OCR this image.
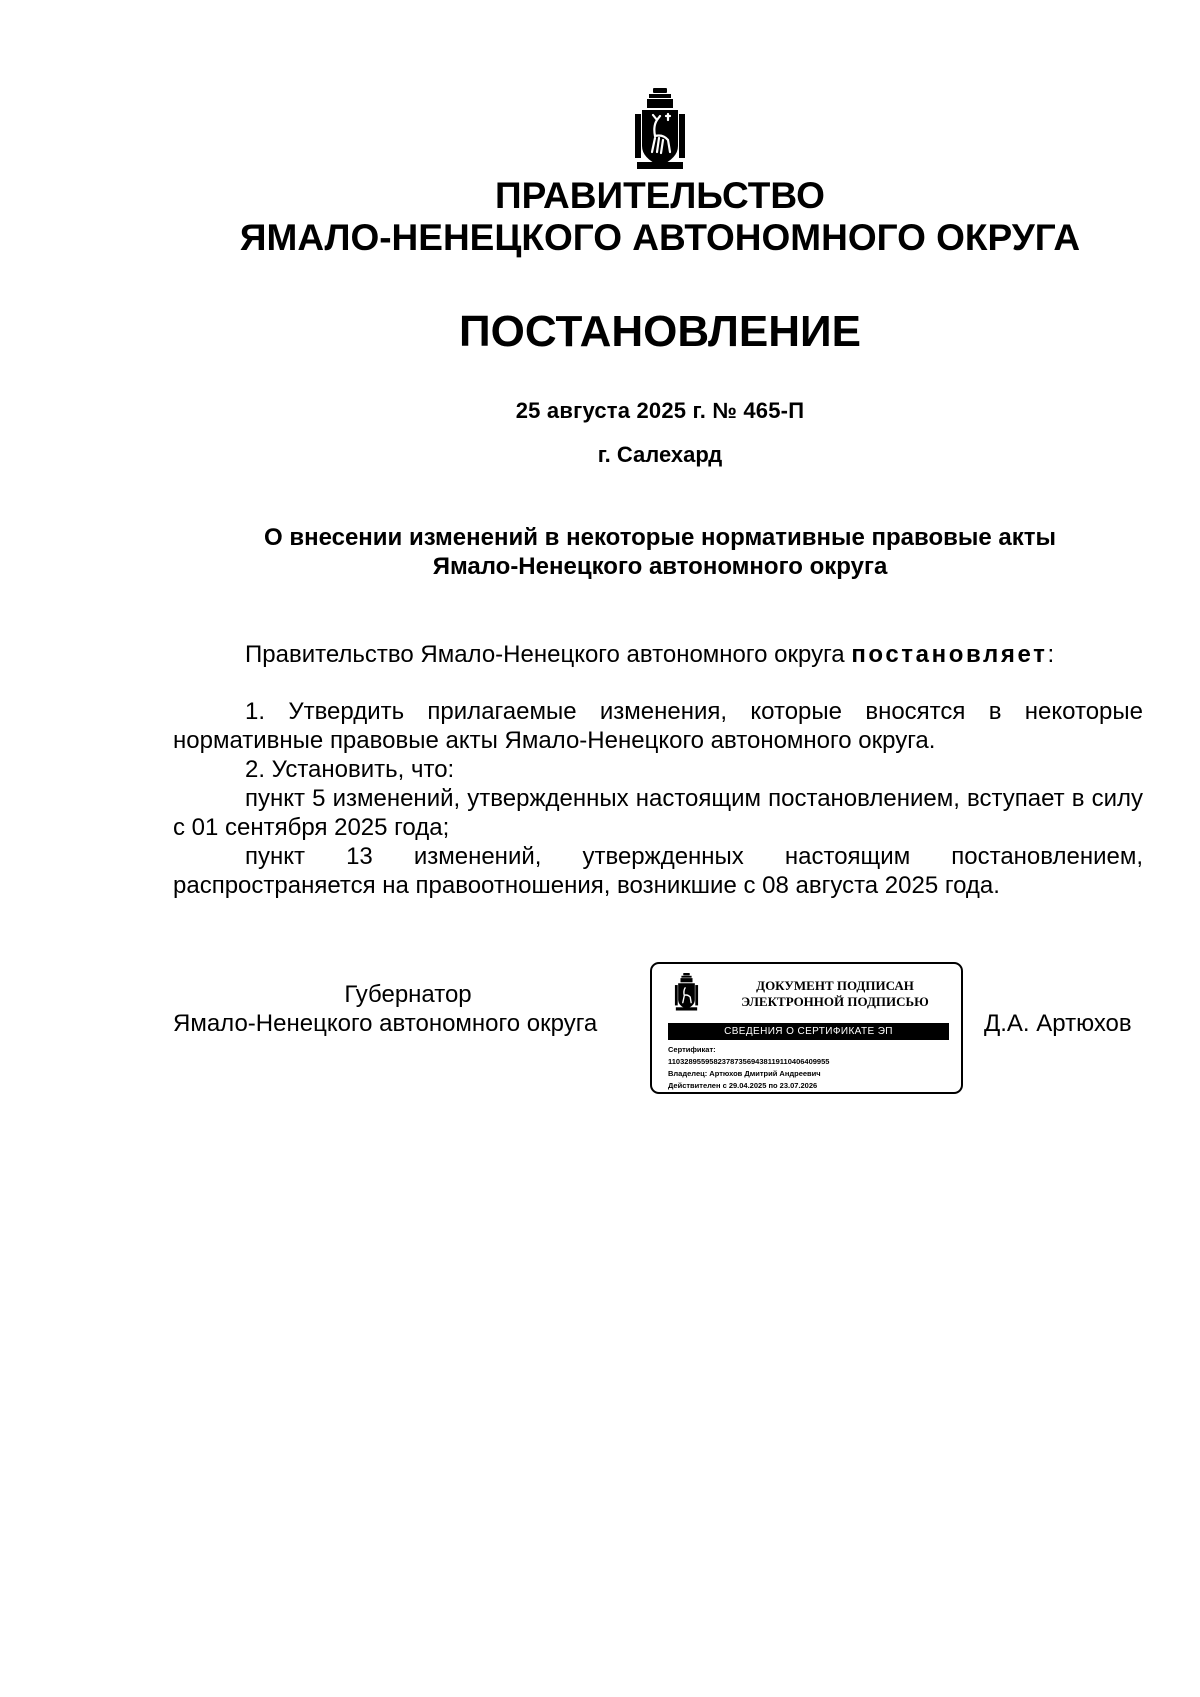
ПРАВИТЕЛЬСТВО
ЯМАЛО-НЕНЕЦКОГО АВТОНОМНОГО ОКРУГА
ПОСТАНОВЛЕНИЕ
25 августа 2025 г. № 465-П
г. Салехард
О внесении изменений в некоторые нормативные правовые акты
Ямало-Ненецкого автономного округа

Правительство Ямало-Ненецкого автономного округа постановляет:

1. Утвердить прилагаемые изменения, которые вносятся в некоторые нормативные правовые акты Ямало-Ненецкого автономного округа.

2. Установить, что:

пункт 5 изменений, утвержденных настоящим постановлением, вступает в силу с 01 сентября 2025 года;

пункт 13 изменений, утвержденных настоящим постановлением,

распространяется на правоотношения, возникшие с 08 августа 2025 года.

Губернатор
Ямало-Ненецкого автономного округа
ДОКУМЕНТ ПОДПИСАН
ЭЛЕКТРОННОЙ ПОДПИСЬЮ
СВЕДЕНИЯ О СЕРТИФИКАТЕ ЭП
Сертификат:
110328955958237873569438119110406409955
Владелец: Артюхов Дмитрий Андреевич
Действителен с 29.04.2025 по 23.07.2026
Д.А. Артюхов
